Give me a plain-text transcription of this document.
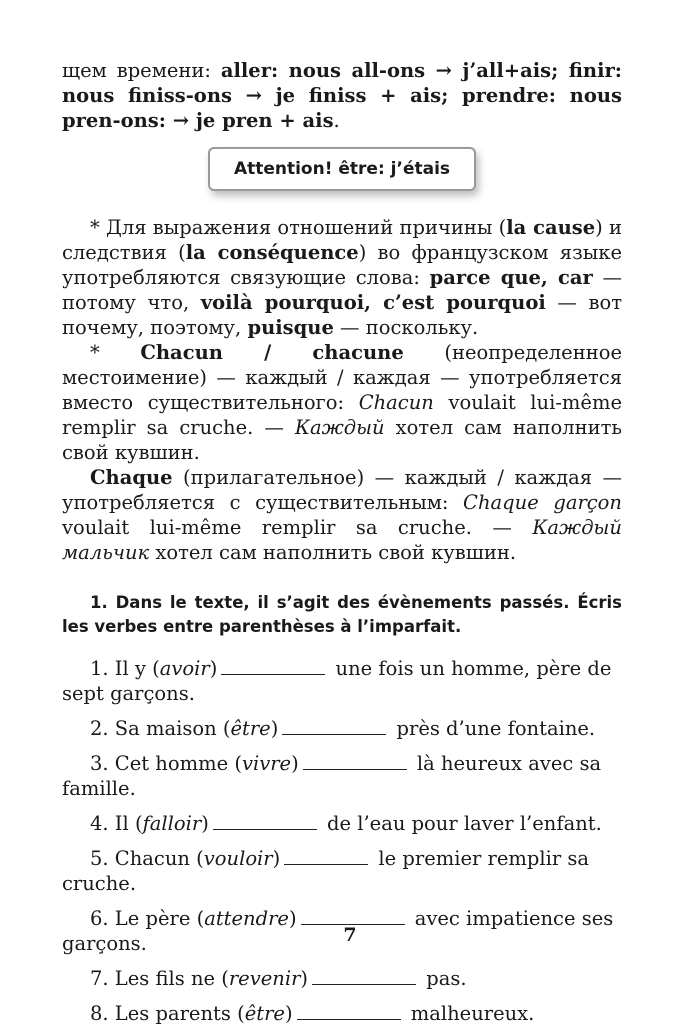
щем времени: aller: nous all-ons → j’all+ais; finir: nous finiss-ons → je finiss + ais; prendre: nous pren-ons: → je pren + ais.

Attention! être: j’étais

* Для выражения отношений причины (la cause) и следствия (la conséquence) во французском языке употребляются связующие слова: parce que, car — потому что, voilà pourquoi, c’est pourquoi — вот почему, поэтому, puisque — поскольку.

* Chacun / chacune (неопределенное местоимение) — каждый / каждая — употребляется вместо существительного: Chacun voulait lui-même remplir sa cruche. — Каждый хотел сам наполнить свой кувшин.

Chaque (прилагательное) — каждый / каждая — употребляется с существительным: Chaque garçon voulait lui-même remplir sa cruche. — Каждый мальчик хотел сам наполнить свой кувшин.

1. Dans le texte, il s’agit des évènements passés. Écris les verbes entre parenthèses à l’imparfait.

1. Il y (avoir)	une fois un homme, père de sept garçons.

2. Sa maison (être)	près d’une fontaine.

3. Cet homme (vivre)	là heureux avec sa famille.

4. Il (falloir)	de l’eau pour laver l’enfant.

5. Chacun (vouloir)	le premier remplir sa cruche.

6. Le père (attendre)	avec impatience ses garçons.

7. Les fils ne (revenir)	pas.

8. Les parents (être)	malheureux.

7
